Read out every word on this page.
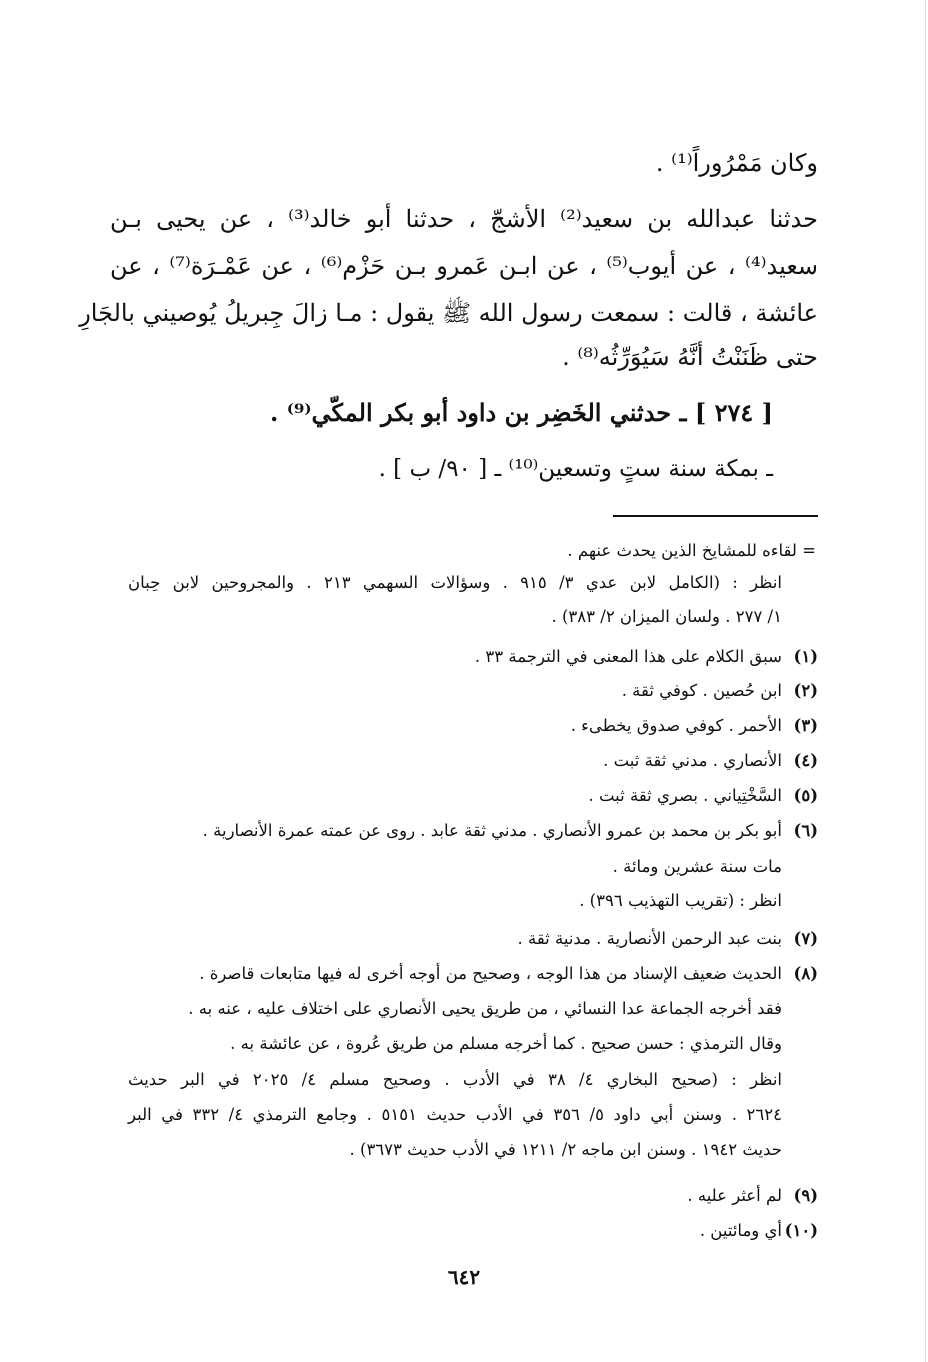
وكان مَمْرُوراً⁽¹⁾ .
حدثنا عبدالله بن سعيد⁽²⁾ الأشجّ ، حدثنا أبو خالد⁽³⁾ ، عن يحيى بـن
سعيد⁽⁴⁾ ، عن أيوب⁽⁵⁾ ، عن ابـن عَمرو بـن حَزْم⁽⁶⁾ ، عن عَمْـرَة⁽⁷⁾ ، عن
عائشة ، قالت : سمعت رسول الله ﷺ يقول : مـا زالَ جِبريلُ يُوصيني بالجَارِ
حتى ظَنَنْتُ أنَّهُ سَيُوَرِّثُه⁽⁸⁾ .
[ ٢٧٤ ] ـ حدثني الخَضِر بن داود أبو بكر المكّي⁽⁹⁾ .
ـ بمكة سنة ستٍ وتسعين⁽¹⁰⁾ ـ [ ٩٠/ ب ] .
= لقاءه للمشايخ الذين يحدث عنهم .
انظر : (الكامل لابن عدي ٣/ ٩١٥ . وسؤالات السهمي ٢١٣ . والمجروحين لابن حِبان
١/ ٢٧٧ . ولسان الميزان ٢/ ٣٨٣) .
(١)سبق الكلام على هذا المعنى في الترجمة ٣٣ .
(٢)ابن حُصين . كوفي ثقة .
(٣)الأحمر . كوفي صدوق يخطىء .
(٤)الأنصاري . مدني ثقة ثبت .
(٥)السَّخْتِياني . بصري ثقة ثبت .
(٦)أبو بكر بن محمد بن عمرو الأنصاري . مدني ثقة عابد . روى عن عمته عمرة الأنصارية .
مات سنة عشرين ومائة .
انظر : (تقريب التهذيب ٣٩٦) .
(٧)بنت عبد الرحمن الأنصارية . مدنية ثقة .
(٨)الحديث ضعيف الإسناد من هذا الوجه ، وصحيح من أوجه أخرى له فيها متابعات قاصرة .
فقد أخرجه الجماعة عدا النسائي ، من طريق يحيى الأنصاري على اختلاف عليه ، عنه به .
وقال الترمذي : حسن صحيح . كما أخرجه مسلم من طريق عُروة ، عن عائشة به .
انظر : (صحيح البخاري ٤/ ٣٨ في الأدب . وصحيح مسلم ٤/ ٢٠٢٥ في البر حديث
٢٦٢٤ . وسنن أبي داود ٥/ ٣٥٦ في الأدب حديث ٥١٥١ . وجامع الترمذي ٤/ ٣٣٢ في البر
حديث ١٩٤٢ . وسنن ابن ماجه ٢/ ١٢١١ في الأدب حديث ٣٦٧٣) .
(٩)لم أعثر عليه .
(١٠)أي ومائتين .
٦٤٢
